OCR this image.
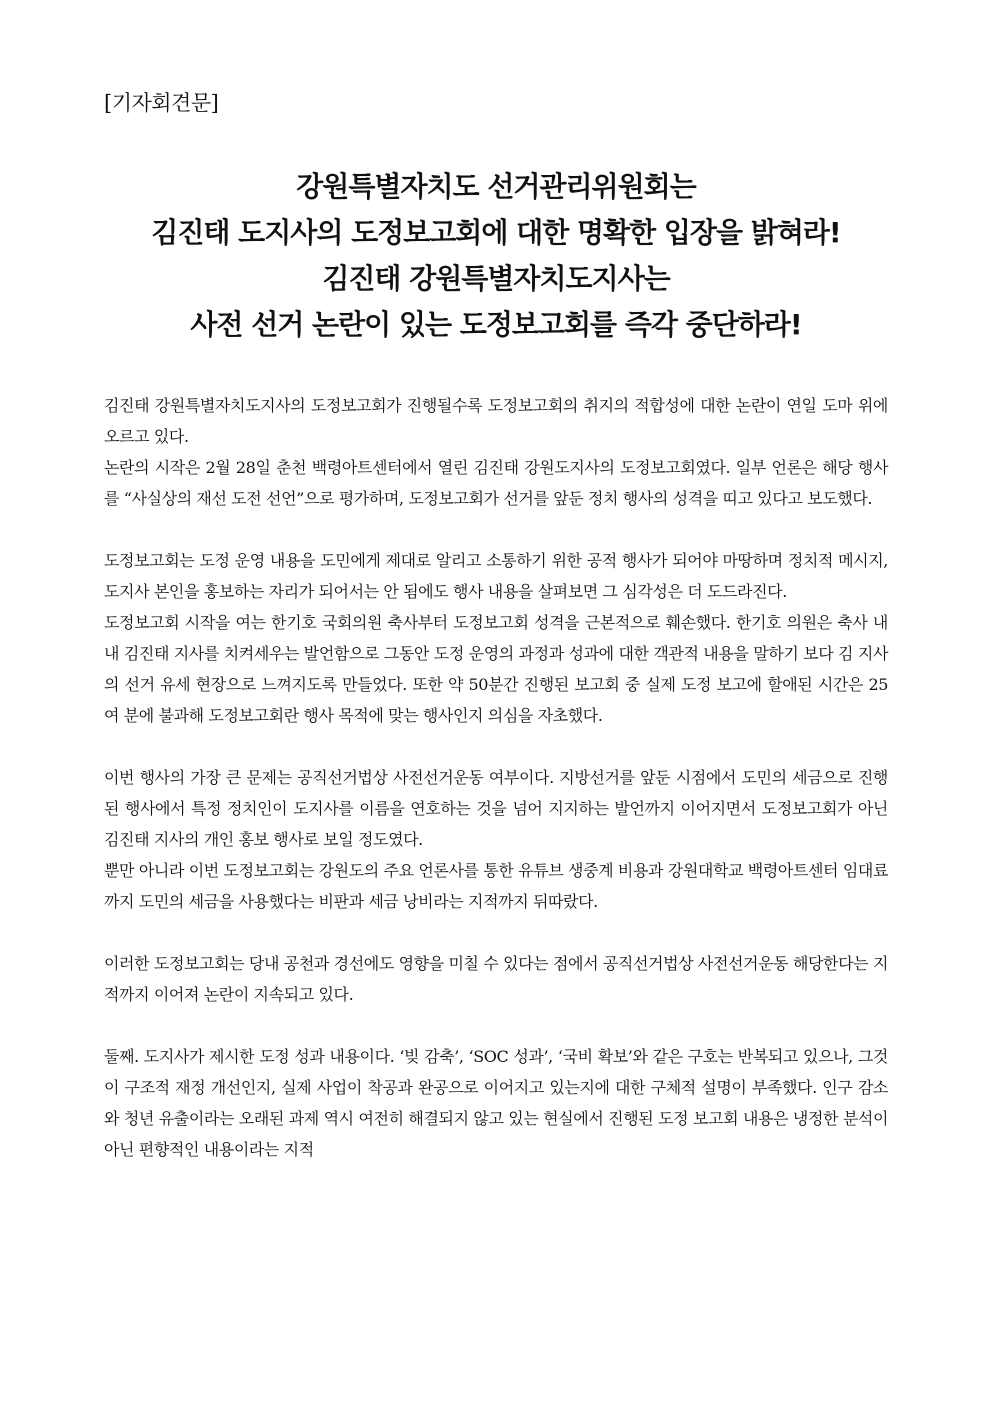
[기자회견문]

강원특별자치도 선거관리위원회는

김진태 도지사의 도정보고회에 대한 명확한 입장을 밝혀라!

김진태 강원특별자치도지사는

사전 선거 논란이 있는 도정보고회를 즉각 중단하라!

김진태 강원특별자치도지사의 도정보고회가 진행될수록 도정보고회의 취지의 적합성에 대한 논란이 연일 도마 위에 오르고 있다.

논란의 시작은 2월 28일 춘천 백령아트센터에서 열린 김진태 강원도지사의 도정보고회였다. 일부 언론은 해당 행사를 “사실상의 재선 도전 선언”으로 평가하며, 도정보고회가 선거를 앞둔 정치 행사의 성격을 띠고 있다고 보도했다.

도정보고회는 도정 운영 내용을 도민에게 제대로 알리고 소통하기 위한 공적 행사가 되어야 마땅하며 정치적 메시지, 도지사 본인을 홍보하는 자리가 되어서는 안 됨에도 행사 내용을 살펴보면 그 심각성은 더 도드라진다.

도정보고회 시작을 여는 한기호 국회의원 축사부터 도정보고회 성격을 근본적으로 훼손했다. 한기호 의원은 축사 내내 김진태 지사를 치켜세우는 발언함으로 그동안 도정 운영의 과정과 성과에 대한 객관적 내용을 말하기 보다 김 지사의 선거 유세 현장으로 느껴지도록 만들었다. 또한 약 50분간 진행된 보고회 중 실제 도정 보고에 할애된 시간은 25여 분에 불과해 도정보고회란 행사 목적에 맞는 행사인지 의심을 자초했다.

이번 행사의 가장 큰 문제는 공직선거법상 사전선거운동 여부이다. 지방선거를 앞둔 시점에서 도민의 세금으로 진행된 행사에서 특정 정치인이 도지사를 이름을 연호하는 것을 넘어 지지하는 발언까지 이어지면서 도정보고회가 아닌 김진태 지사의 개인 홍보 행사로 보일 정도였다.

뿐만 아니라 이번 도정보고회는 강원도의 주요 언론사를 통한 유튜브 생중계 비용과 강원대학교 백령아트센터 임대료까지 도민의 세금을 사용했다는 비판과 세금 낭비라는 지적까지 뒤따랐다.

이러한 도정보고회는 당내 공천과 경선에도 영향을 미칠 수 있다는 점에서 공직선거법상 사전선거운동 해당한다는 지적까지 이어져 논란이 지속되고 있다.

둘째. 도지사가 제시한 도정 성과 내용이다. ‘빚 감축’, ‘SOC 성과’, ‘국비 확보’와 같은 구호는 반복되고 있으나, 그것이 구조적 재정 개선인지, 실제 사업이 착공과 완공으로 이어지고 있는지에 대한 구체적 설명이 부족했다. 인구 감소와 청년 유출이라는 오래된 과제 역시 여전히 해결되지 않고 있는 현실에서 진행된 도정 보고회 내용은 냉정한 분석이 아닌 편향적인 내용이라는 지적
